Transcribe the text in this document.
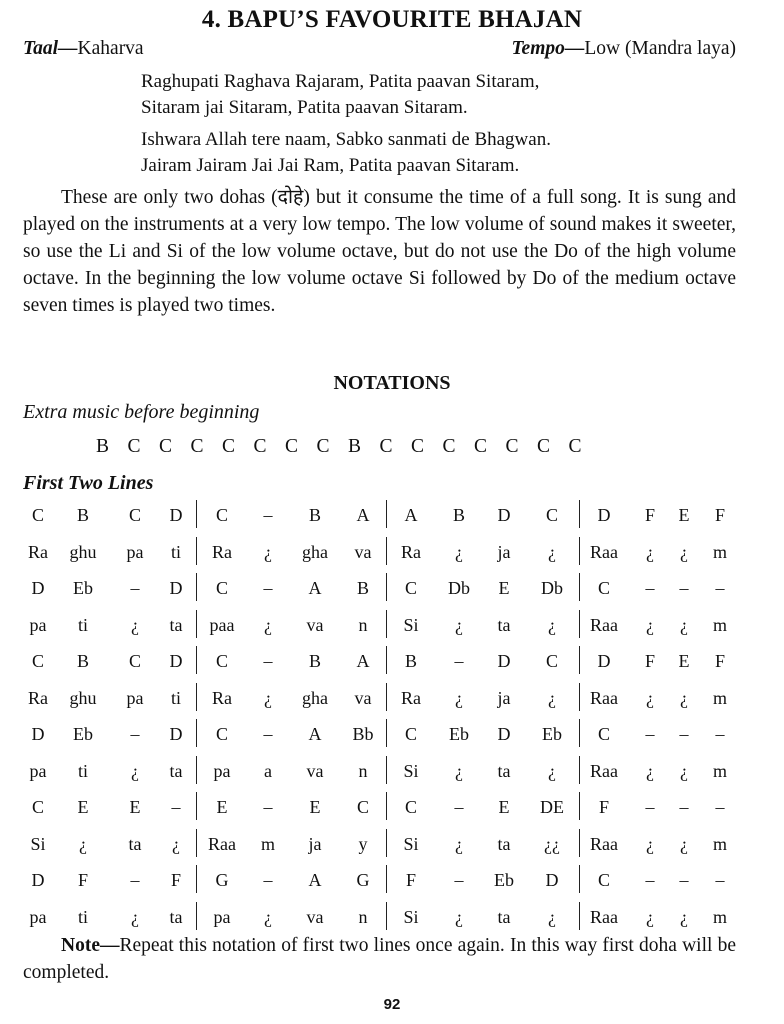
4. BAPU’S FAVOURITE BHAJAN
Taal—Kaharva	Tempo—Low (Mandra laya)
Raghupati Raghava Rajaram, Patita paavan Sitaram,
Sitaram jai Sitaram, Patita paavan Sitaram.
Ishwara Allah tere naam, Sabko sanmati de Bhagwan.
Jairam Jairam Jai Jai Ram, Patita paavan Sitaram.
These are only two dohas (दोहे) but it consume the time of a full song. It is sung and played on the instruments at a very low tempo. The low volume of sound makes it sweeter, so use the Li and Si of the low volume octave, but do not use the Do of the high volume octave. In the beginning the low volume octave Si followed by Do of the medium octave seven times is played two times.
NOTATIONS
Extra music before beginning
B C C C C C C C B C C C C C C C
First Two Lines
C	B	C	D	C	–	B	A	A	B	D	C	D	F	E	F
Ra	ghu	pa	ti	Ra	¿	gha	va	Ra	¿	ja	¿	Raa	¿	¿	m
D	Eb	–	D	C	–	A	B	C	Db	E	Db	C	–	–	–
pa	ti	¿	ta	paa	¿	va	n	Si	¿	ta	¿	Raa	¿	¿	m
C	B	C	D	C	–	B	A	B	–	D	C	D	F	E	F
Ra	ghu	pa	ti	Ra	¿	gha	va	Ra	¿	ja	¿	Raa	¿	¿	m
D	Eb	–	D	C	–	A	Bb	C	Eb	D	Eb	C	–	–	–
pa	ti	¿	ta	pa	a	va	n	Si	¿	ta	¿	Raa	¿	¿	m
C	E	E	–	E	–	E	C	C	–	E	DE	F	–	–	–
Si	¿	ta	¿	Raa	m	ja	y	Si	¿	ta	¿¿	Raa	¿	¿	m
D	F	–	F	G	–	A	G	F	–	Eb	D	C	–	–	–
pa	ti	¿	ta	pa	¿	va	n	Si	¿	ta	¿	Raa	¿	¿	m
Note—Repeat this notation of first two lines once again. In this way first doha will be completed.
92
